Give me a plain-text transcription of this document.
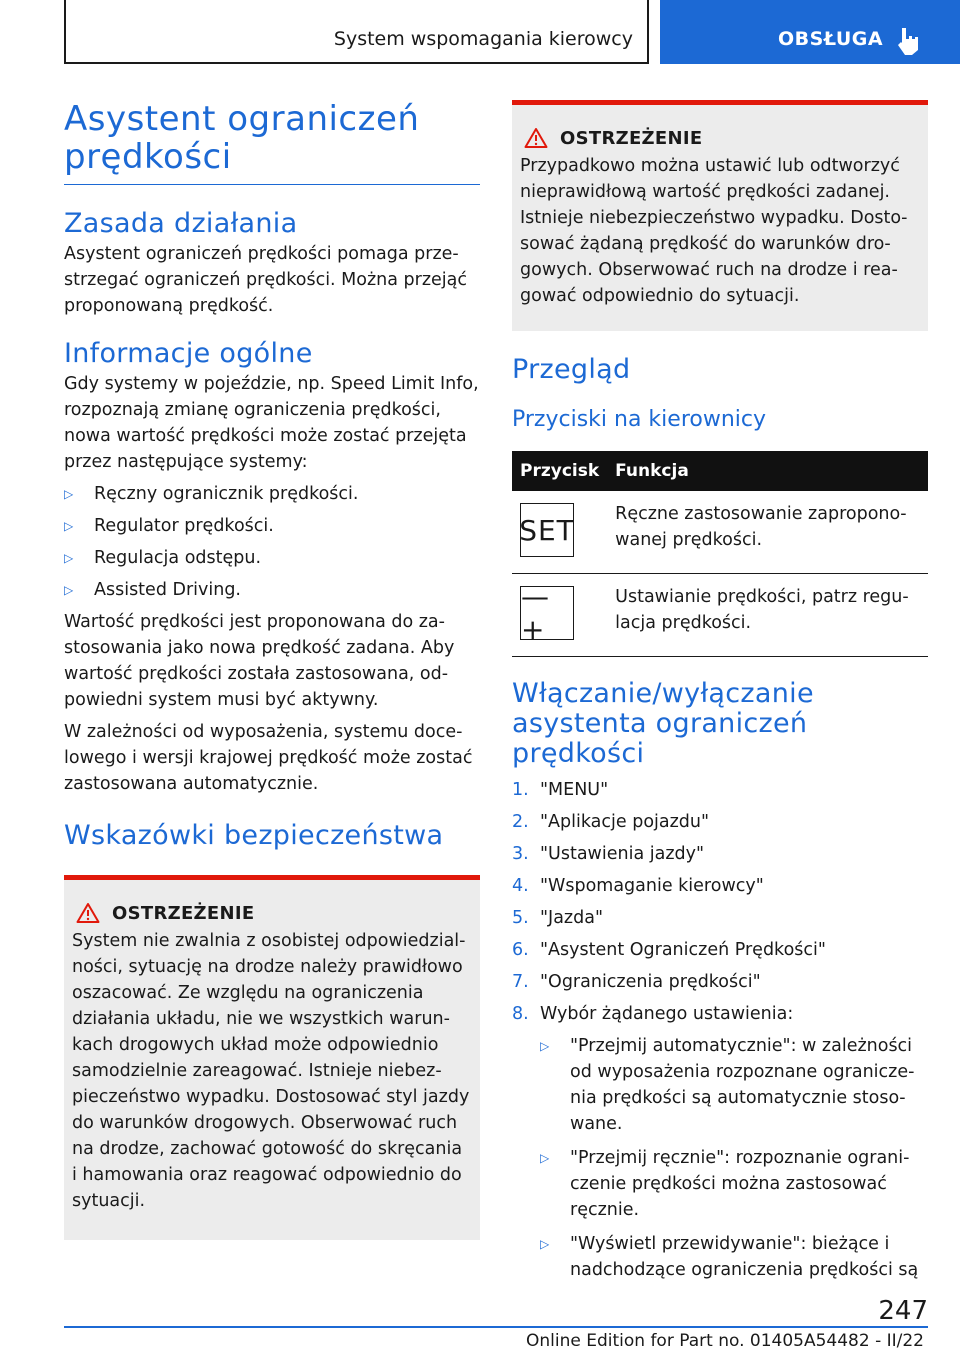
System wspomagania kierowcy	OBSŁUGA
Asystent ograniczeń prędkości
Zasada działania

Asystent ograniczeń prędkości pomaga przestrzegać ograniczeń prędkości. Można przejąć proponowaną prędkość.

Informacje ogólne

Gdy systemy w pojeździe, np. Speed Limit Info, rozpoznają zmianę ograniczenia prędkości, nowa wartość prędkości może zostać przejęta przez następujące systemy:

▷	Ręczny ogranicznik prędkości.
▷	Regulator prędkości.
▷	Regulacja odstępu.
▷	Assisted Driving.

Wartość prędkości jest proponowana do zastosowania jako nowa prędkość zadana. Aby wartość prędkości została zastosowana, odpowiedni system musi być aktywny.

W zależności od wyposażenia, systemu docelowego i wersji krajowej prędkość może zostać zastosowana automatycznie.

Wskazówki bezpieczeństwa
OSTRZEŻENIE

System nie zwalnia z osobistej odpowiedzialności, sytuację na drodze należy prawidłowo oszacować. Ze względu na ograniczenia działania układu, nie we wszystkich warunkach drogowych układ może odpowiednio samodzielnie zareagować. Istnieje niebezpieczeństwo wypadku. Dostosować styl jazdy do warunków drogowych. Obserwować ruch na drodze, zachować gotowość do skręcania i hamowania oraz reagować odpowiednio do sytuacji.

OSTRZEŻENIE

Przypadkowo można ustawić lub odtworzyć nieprawidłową wartość prędkości zadanej. Istnieje niebezpieczeństwo wypadku. Dostosować żądaną prędkość do warunków drogowych. Obserwować ruch na drodze i reagować odpowiednio do sytuacji.

Przegląd
Przyciski na kierownicy
Przycisk	Funkcja

SET	Ręczne zastosowanie zaproponowanej prędkości.

—+	Ustawianie prędkości, patrz regulacja prędkości.

Włączanie/wyłączanie asystenta ograniczeń prędkości
1. "MENU"
2. "Aplikacje pojazdu"
3. "Ustawienia jazdy"
4. "Wspomaganie kierowcy"
5. "Jazda"
6. "Asystent Ograniczeń Prędkości"
7. "Ograniczenia prędkości"
8. Wybór żądanego ustawienia:
▷	"Przejmij automatycznie": w zależności od wyposażenia rozpoznane ograniczenia prędkości są automatycznie stosowane.
▷	"Przejmij ręcznie": rozpoznanie ograniczenie prędkości można zastosować ręcznie.
▷	"Wyświetl przewidywanie": bieżące i nadchodzące ograniczenia prędkości są
247
Online Edition for Part no. 01405A54482 - II/22
